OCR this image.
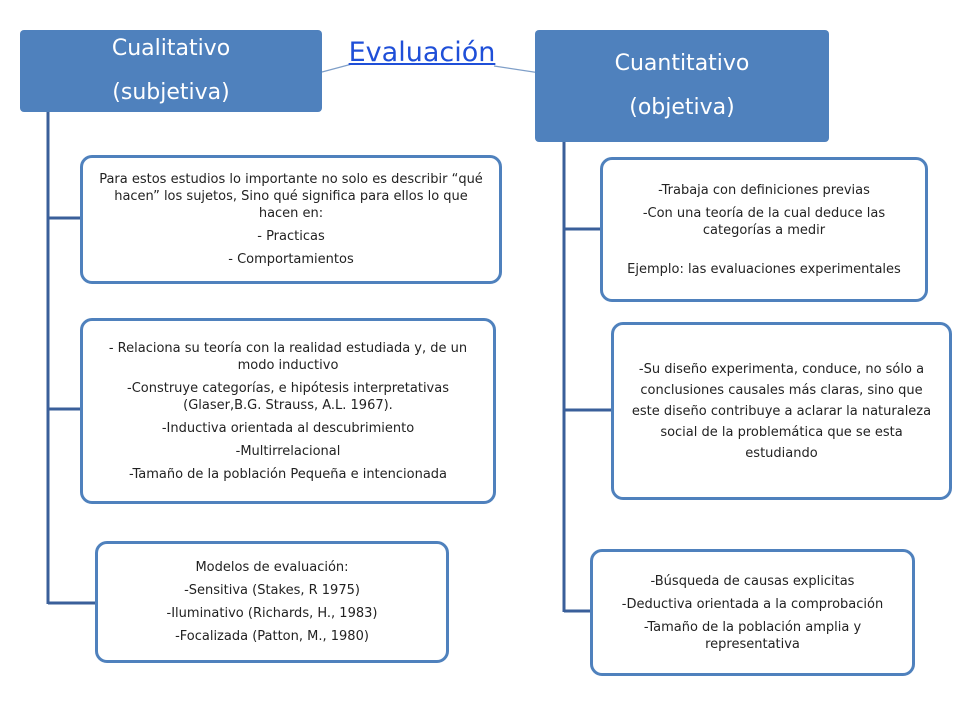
Evaluación
Cualitativo
(subjetiva)
Cuantitativo
(objetiva)

Para estos estudios lo importante no solo es describir “qué hacen” los sujetos, Sino qué significa para ellos lo que hacen en:

- Practicas

- Comportamientos

- Relaciona su teoría con la realidad estudiada y, de un modo inductivo

-Construye categorías, e hipótesis interpretativas (Glaser,B.G. Strauss, A.L. 1967).

-Inductiva orientada al descubrimiento

-Multirrelacional

-Tamaño de la población Pequeña e intencionada

Modelos de evaluación:

-Sensitiva (Stakes, R 1975)

-Iluminativo (Richards, H., 1983)

-Focalizada (Patton, M., 1980)

-Trabaja con definiciones previas

-Con una teoría de la cual deduce las categorías a medir

Ejemplo: las evaluaciones experimentales

-Su diseño experimenta, conduce, no sólo a conclusiones causales más claras, sino que este diseño contribuye a aclarar la naturaleza social de la problemática que se esta estudiando

-Búsqueda de causas explicitas

-Deductiva orientada a la comprobación

-Tamaño de la población amplia y representativa
